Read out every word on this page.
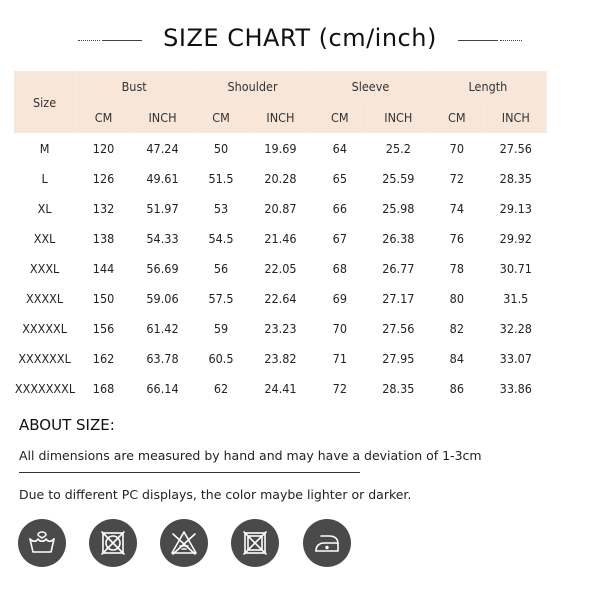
SIZE CHART (cm/inch)
Size	Bust		Shoulder		Sleeve		Length	
	CM	INCH	CM	INCH	CM	INCH	CM	INCH
M	120	47.24	50	19.69	64	25.2	70	27.56
L	126	49.61	51.5	20.28	65	25.59	72	28.35
XL	132	51.97	53	20.87	66	25.98	74	29.13
XXL	138	54.33	54.5	21.46	67	26.38	76	29.92
XXXL	144	56.69	56	22.05	68	26.77	78	30.71
XXXXL	150	59.06	57.5	22.64	69	27.17	80	31.5
XXXXXL	156	61.42	59	23.23	70	27.56	82	32.28
XXXXXXL	162	63.78	60.5	23.82	71	27.95	84	33.07
XXXXXXXL	168	66.14	62	24.41	72	28.35	86	33.86
ABOUT SIZE:
All dimensions are measured by hand and may have a deviation of 1-3cm
Due to different PC displays, the color maybe lighter or darker.
